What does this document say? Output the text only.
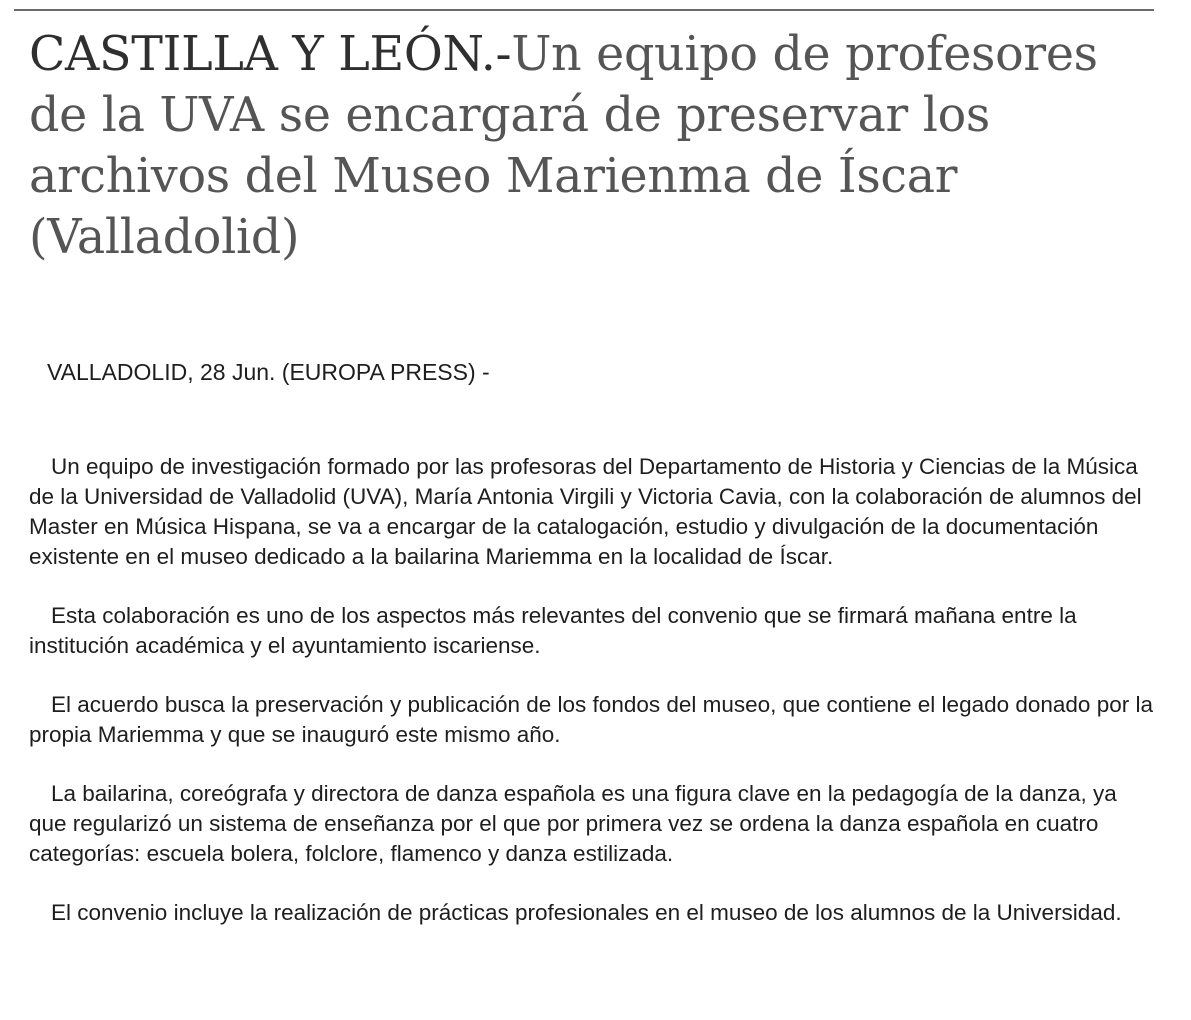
CASTILLA Y LEÓN.-Un equipo de profesores de la UVA se encargará de preservar los archivos del Museo Marienma de Íscar (Valladolid)

VALLADOLID, 28 Jun. (EUROPA PRESS) -

Un equipo de investigación formado por las profesoras del Departamento de Historia y Ciencias de la Música de la Universidad de Valladolid (UVA), María Antonia Virgili y Victoria Cavia, con la colaboración de alumnos del Master en Música Hispana, se va a encargar de la catalogación, estudio y divulgación de la documentación existente en el museo dedicado a la bailarina Mariemma en la localidad de Íscar.

Esta colaboración es uno de los aspectos más relevantes del convenio que se firmará mañana entre la institución académica y el ayuntamiento iscariense.

El acuerdo busca la preservación y publicación de los fondos del museo, que contiene el legado donado por la propia Mariemma y que se inauguró este mismo año.

La bailarina, coreógrafa y directora de danza española es una figura clave en la pedagogía de la danza, ya que regularizó un sistema de enseñanza por el que por primera vez se ordena la danza española en cuatro categorías: escuela bolera, folclore, flamenco y danza estilizada.

El convenio incluye la realización de prácticas profesionales en el museo de los alumnos de la Universidad.
